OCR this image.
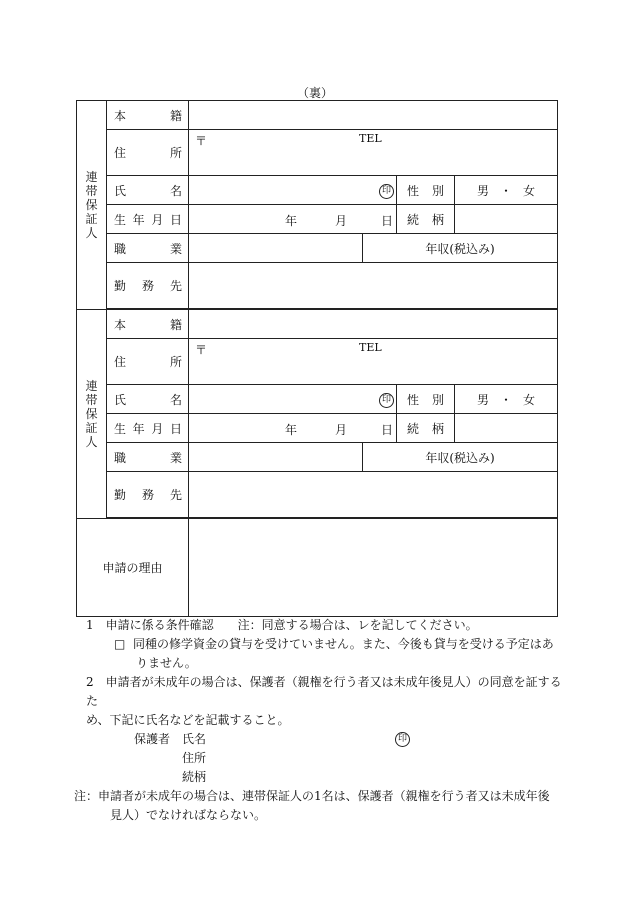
（裏）
連
帯
保
証
人	本 籍					

	住 所	〒 TEL				

	氏 名	印		性 別	男 ・ 女	

	生 年 月 日	年 月 日		続 柄		

	職 業		年収(税込み)			

	勤 務 先					

連
帯
保
証
人	本 籍					

	住 所	〒 TEL				

	氏 名	印		性 別	男 ・ 女	

	生 年 月 日	年 月 日		続 柄		

	職 業		年収(税込み)			

	勤 務 先					

申請の理由						

1　申請に係る条件確認　　注：同意する場合は、レを記してください。

□ 同種の修学資金の貸与を受けていません。また、今後も貸与を受ける予定はあ

りません。

2　申請者が未成年の場合は、保護者（親権を行う者又は未成年後見人）の同意を証するた

め、下記に氏名などを記載すること。

保護者 氏名	印
住所
続柄

注：申請者が未成年の場合は、連帯保証人の1名は、保護者（親権を行う者又は未成年後

見人）でなければならない。
